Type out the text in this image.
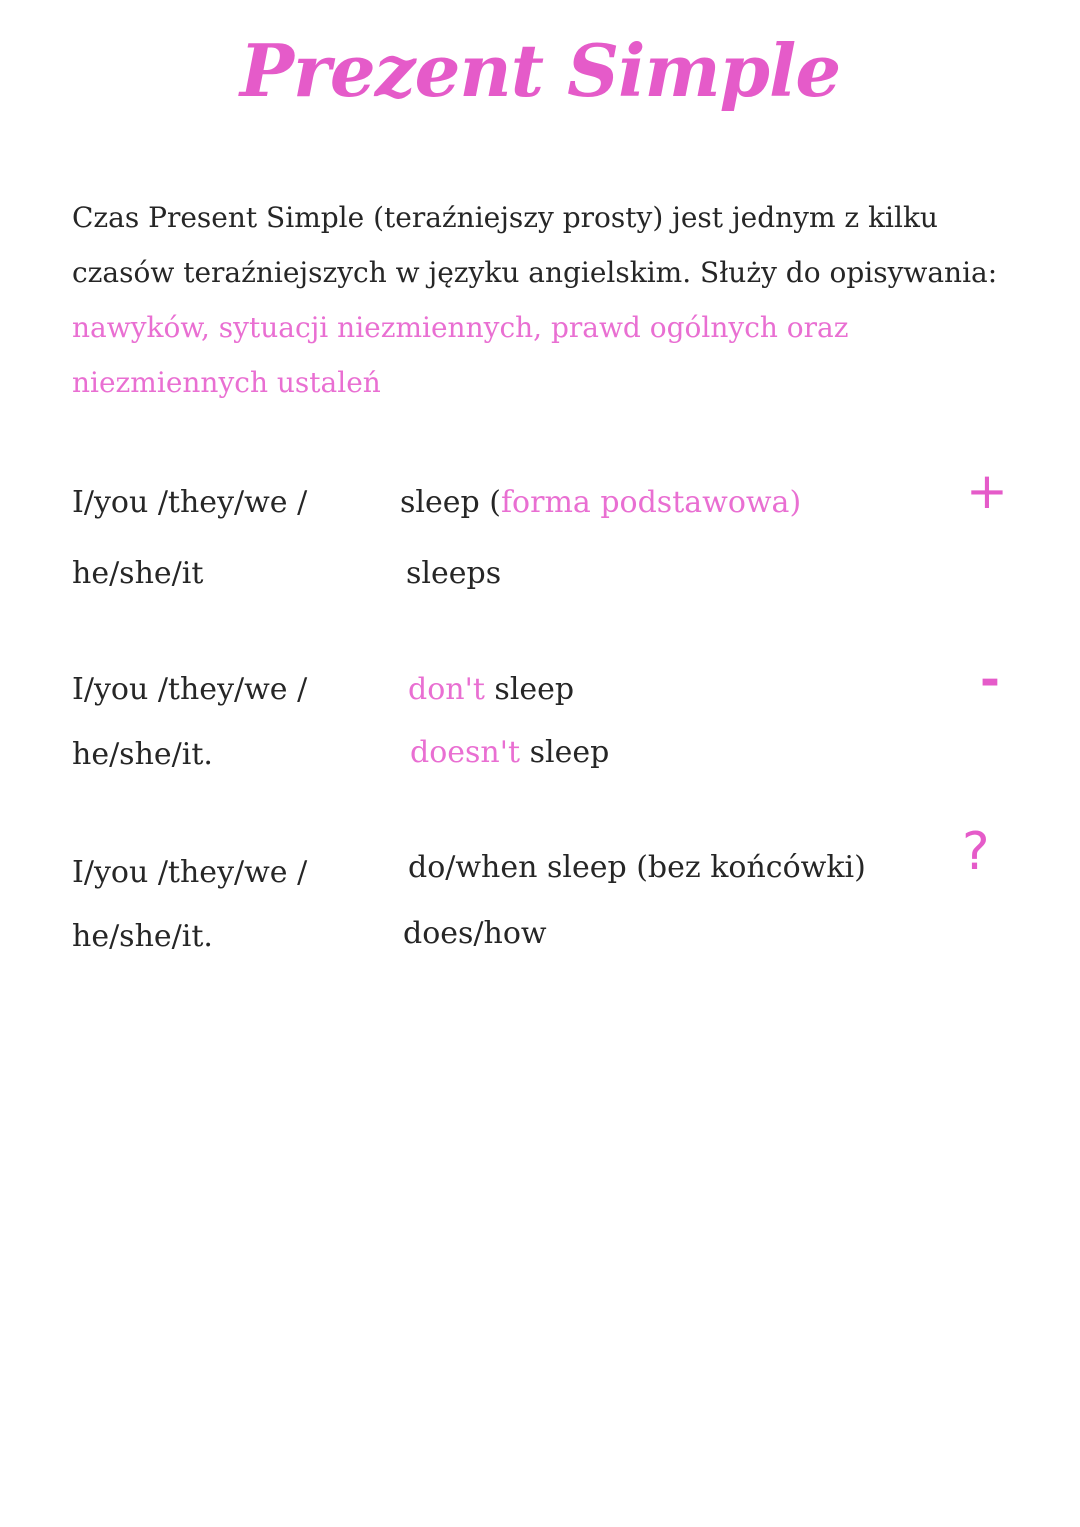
Prezent Simple
Czas Present Simple (teraźniejszy prosty) jest jednym z kilku czasów teraźniejszych w języku angielskim. Służy do opisywania: nawyków, sytuacji niezmiennych, prawd ogólnych oraz niezmiennych ustaleń
I/you /they/we /	sleep (forma podstawowa)	+
he/she/it	sleeps
I/you /they/we /	don't sleep	-
he/she/it.	doesn't sleep
I/you /they/we /	do/when sleep (bez końcówki) ?
he/she/it.	does/how
